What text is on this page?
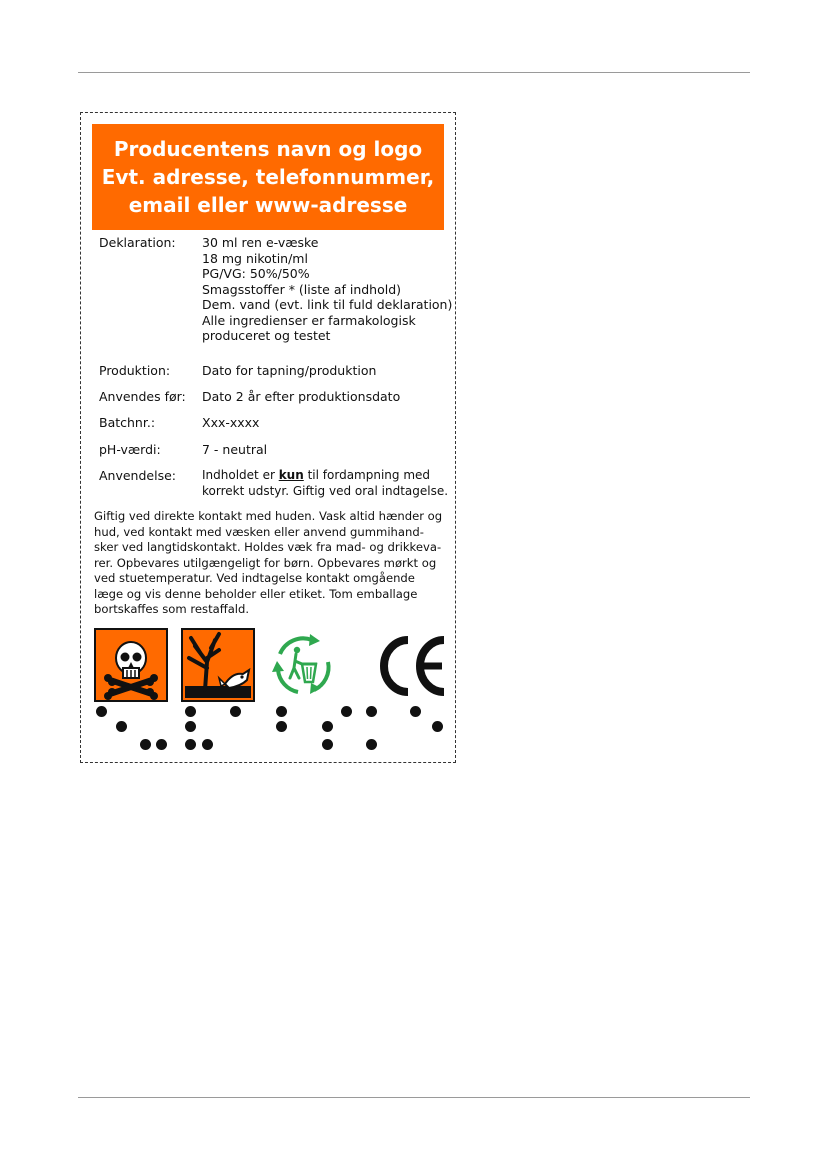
Producentens navn og logo
Evt. adresse, telefonnummer,
email eller www-adresse
Deklaration: 30 ml ren e-væske
18 mg nikotin/ml
PG/VG: 50%/50%
Smagsstoffer * (liste af indhold)
Dem. vand (evt. link til fuld deklaration)
Alle ingredienser er farmakologisk
produceret og testet
Produktion:	Dato for tapning/produktion
Anvendes før: Dato 2 år efter produktionsdato
Batchnr.:	Xxx-xxxx
pH-værdi:	7 - neutral
Anvendelse: Indholdet er kun til fordampning med
korrekt udstyr. Giftig ved oral indtagelse.
Giftig ved direkte kontakt med huden. Vask altid hænder og
hud, ved kontakt med væsken eller anvend gummihand-
sker ved langtidskontakt. Holdes væk fra mad- og drikkeva-
rer. Opbevares utilgængeligt for børn. Opbevares mørkt og
ved stuetemperatur. Ved indtagelse kontakt omgående
læge og vis denne beholder eller etiket. Tom emballage
bortskaffes som restaffald.
